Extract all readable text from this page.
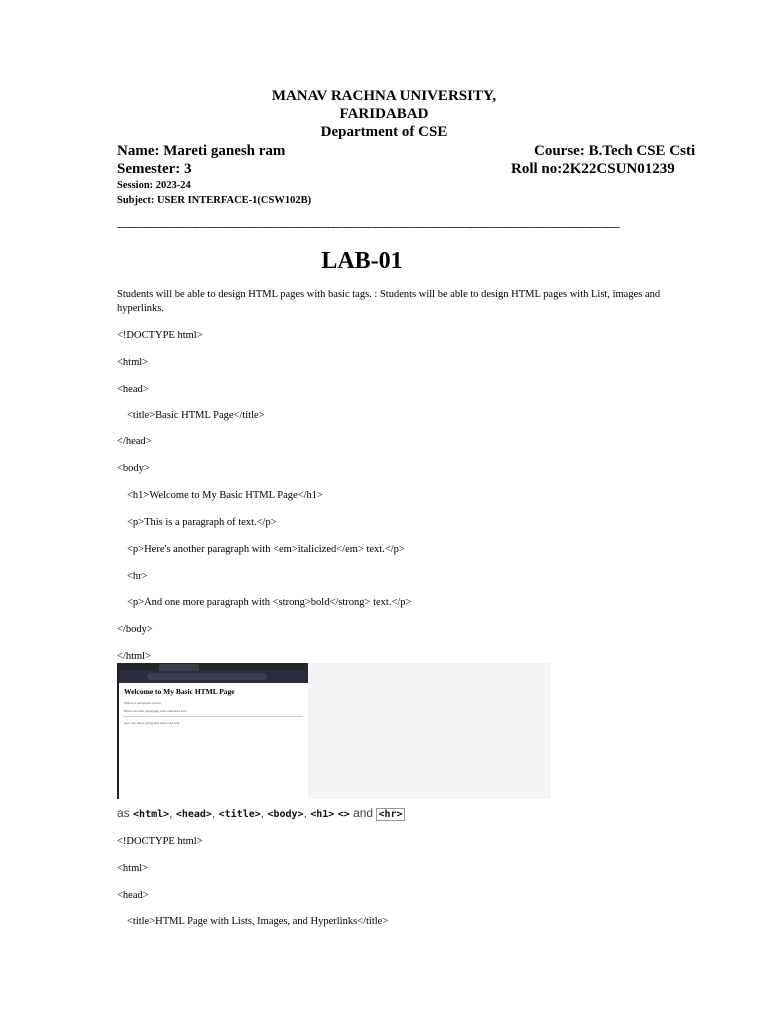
MANAV RACHNA UNIVERSITY,
FARIDABAD
Department of CSE
Name: Mareti ganesh ram	Course: B.Tech CSE Csti
Semester: 3	Roll no:2K22CSUN01239
Session: 2023-24
Subject: USER INTERFACE-1(CSW102B)
----------------------------------------------------------------------------------------------------------------------------------------------------------------------------------------
LAB-01
Students will be able to design HTML pages with basic tags. : Students will be able to design HTML pages with List, images and hyperlinks.
<!DOCTYPE html>
<html>
<head>
<title>Basic HTML Page</title>
</head>
<body>
<h1>Welcome to My Basic HTML Page</h1>
<p>This is a paragraph of text.</p>
<p>Here's another paragraph with <em>italicized</em> text.</p>
<hr>
<p>And one more paragraph with <strong>bold</strong> text.</p>
</body>
</html>
Welcome to My Basic HTML Page
This is a paragraph of text.
Here's another paragraph with italicized text.
And one more paragraph with bold text.
as <html>, <head>, <title>, <body>, <h1> <> and <hr>
<!DOCTYPE html>
<html>
<head>
<title>HTML Page with Lists, Images, and Hyperlinks</title>
